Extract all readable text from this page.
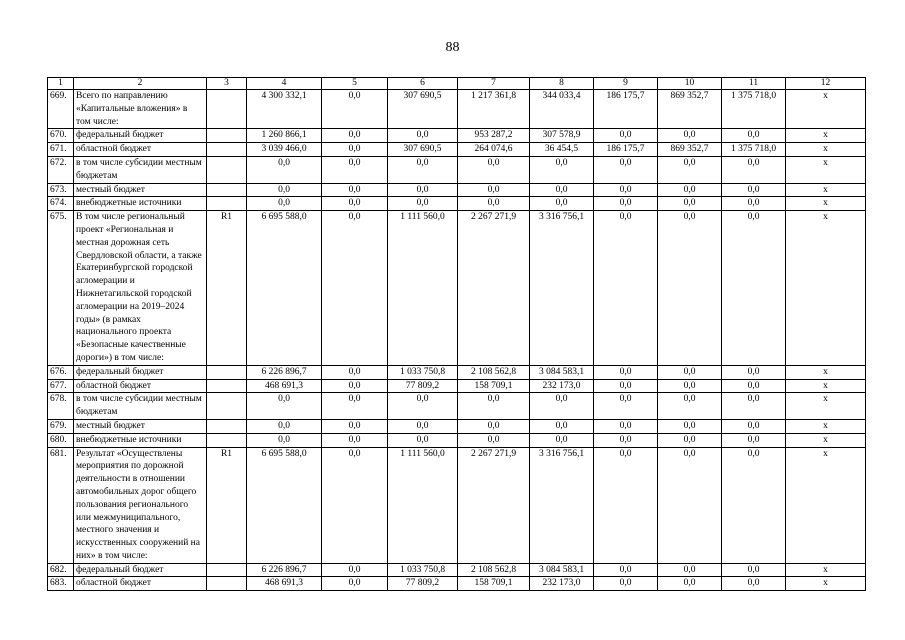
88
1	2	3	4	5	6	7	8	9	10	11	12
669.	Всего по направлению «Капитальные вложения» в том числе:		4 300 332,1	0,0	307 690,5	1 217 361,8	344 033,4	186 175,7	869 352,7	1 375 718,0	х
670.	федеральный бюджет		1 260 866,1	0,0	0,0	953 287,2	307 578,9	0,0	0,0	0,0	х
671.	областной бюджет		3 039 466,0	0,0	307 690,5	264 074,6	36 454,5	186 175,7	869 352,7	1 375 718,0	х
672.	в том числе субсидии местным бюджетам		0,0	0,0	0,0	0,0	0,0	0,0	0,0	0,0	х
673.	местный бюджет		0,0	0,0	0,0	0,0	0,0	0,0	0,0	0,0	х
674.	внебюджетные источники		0,0	0,0	0,0	0,0	0,0	0,0	0,0	0,0	х
675.	В том числе региональный проект «Региональная и местная дорожная сеть Свердловской области, а также Екатеринбургской городской агломерации и Нижнетагильской городской агломерации на 2019–2024 годы» (в рамках национального проекта «Безопасные качественные дороги») в том числе:	R1	6 695 588,0	0,0	1 111 560,0	2 267 271,9	3 316 756,1	0,0	0,0	0,0	х
676.	федеральный бюджет		6 226 896,7	0,0	1 033 750,8	2 108 562,8	3 084 583,1	0,0	0,0	0,0	х
677.	областной бюджет		468 691,3	0,0	77 809,2	158 709,1	232 173,0	0,0	0,0	0,0	х
678.	в том числе субсидии местным бюджетам		0,0	0,0	0,0	0,0	0,0	0,0	0,0	0,0	х
679.	местный бюджет		0,0	0,0	0,0	0,0	0,0	0,0	0,0	0,0	х
680.	внебюджетные источники		0,0	0,0	0,0	0,0	0,0	0,0	0,0	0,0	х
681.	Результат «Осуществлены мероприятия по дорожной деятельности в отношении автомобильных дорог общего пользования регионального или межмуниципального, местного значения и искусственных сооружений на них» в том числе:	R1	6 695 588,0	0,0	1 111 560,0	2 267 271,9	3 316 756,1	0,0	0,0	0,0	х
682.	федеральный бюджет		6 226 896,7	0,0	1 033 750,8	2 108 562,8	3 084 583,1	0,0	0,0	0,0	х
683.	областной бюджет		468 691,3	0,0	77 809,2	158 709,1	232 173,0	0,0	0,0	0,0	х
